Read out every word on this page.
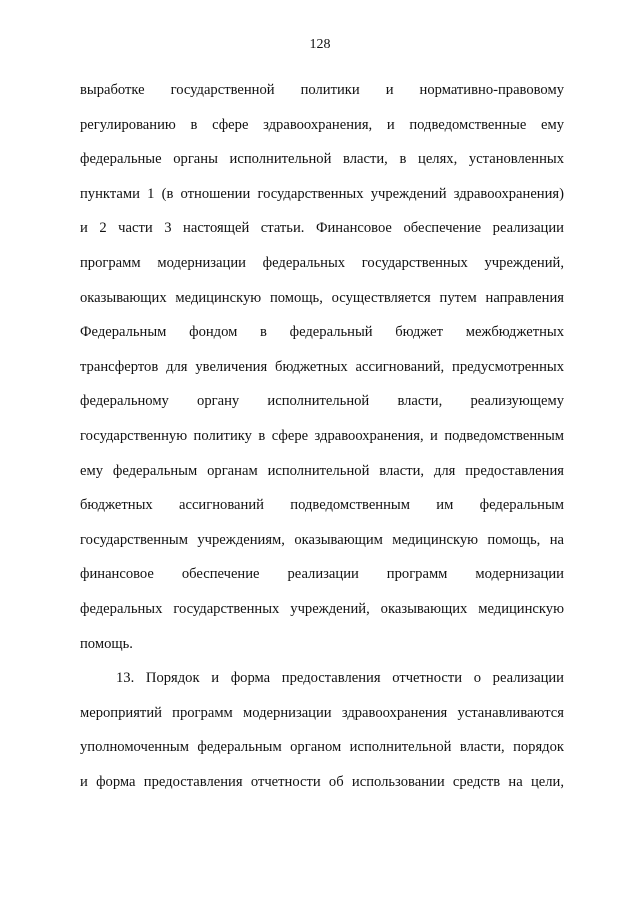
128
выработке государственной политики и нормативно-правовому
регулированию в сфере здравоохранения, и подведомственные ему
федеральные органы исполнительной власти, в целях, установленных
пунктами 1 (в отношении государственных учреждений здравоохранения)
и 2 части 3 настоящей статьи. Финансовое обеспечение реализации
программ модернизации федеральных государственных учреждений,
оказывающих медицинскую помощь, осуществляется путем направления
Федеральным фондом в федеральный бюджет межбюджетных
трансфертов для увеличения бюджетных ассигнований, предусмотренных
федеральному органу исполнительной власти, реализующему
государственную политику в сфере здравоохранения, и подведомственным
ему федеральным органам исполнительной власти, для предоставления
бюджетных ассигнований подведомственным им федеральным
государственным учреждениям, оказывающим медицинскую помощь, на
финансовое обеспечение реализации программ модернизации
федеральных государственных учреждений, оказывающих медицинскую
помощь.
13. Порядок и форма предоставления отчетности о реализации
мероприятий программ модернизации здравоохранения устанавливаются
уполномоченным федеральным органом исполнительной власти, порядок
и форма предоставления отчетности об использовании средств на цели,
